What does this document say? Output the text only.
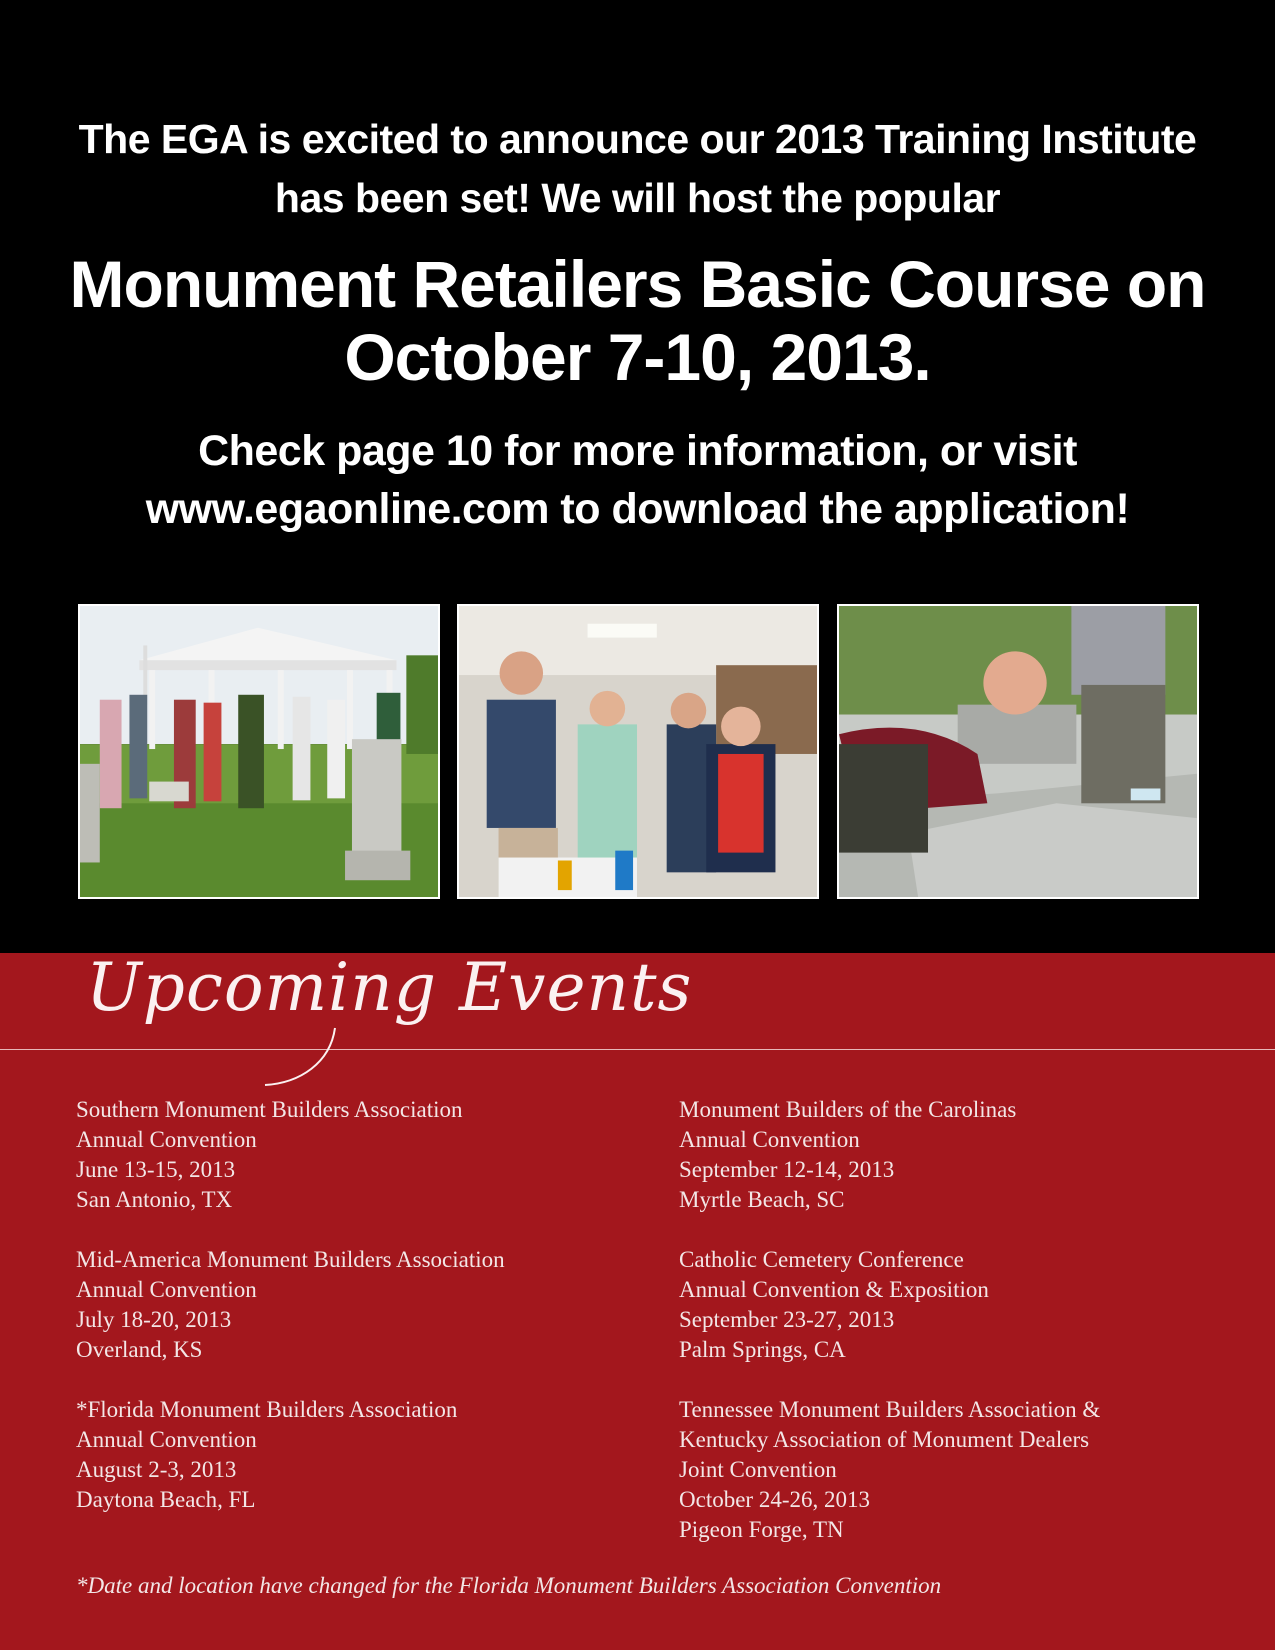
The EGA is excited to announce our 2013 Training Institute
has been set! We will host the popular
Monument Retailers Basic Course on
October 7-10, 2013.
Check page 10 for more information, or visit
www.egaonline.com to download the application!
Upcoming Events
Southern Monument Builders Association
Annual Convention
June 13-15, 2013
San Antonio, TX
Mid-America Monument Builders Association
Annual Convention
July 18-20, 2013
Overland, KS
*Florida Monument Builders Association
Annual Convention
August 2-3, 2013
Daytona Beach, FL
Monument Builders of the Carolinas
Annual Convention
September 12-14, 2013
Myrtle Beach, SC
Catholic Cemetery Conference
Annual Convention & Exposition
September 23-27, 2013
Palm Springs, CA
Tennessee Monument Builders Association &
Kentucky Association of Monument Dealers
Joint Convention
October 24-26, 2013
Pigeon Forge, TN
*Date and location have changed for the Florida Monument Builders Association Convention
